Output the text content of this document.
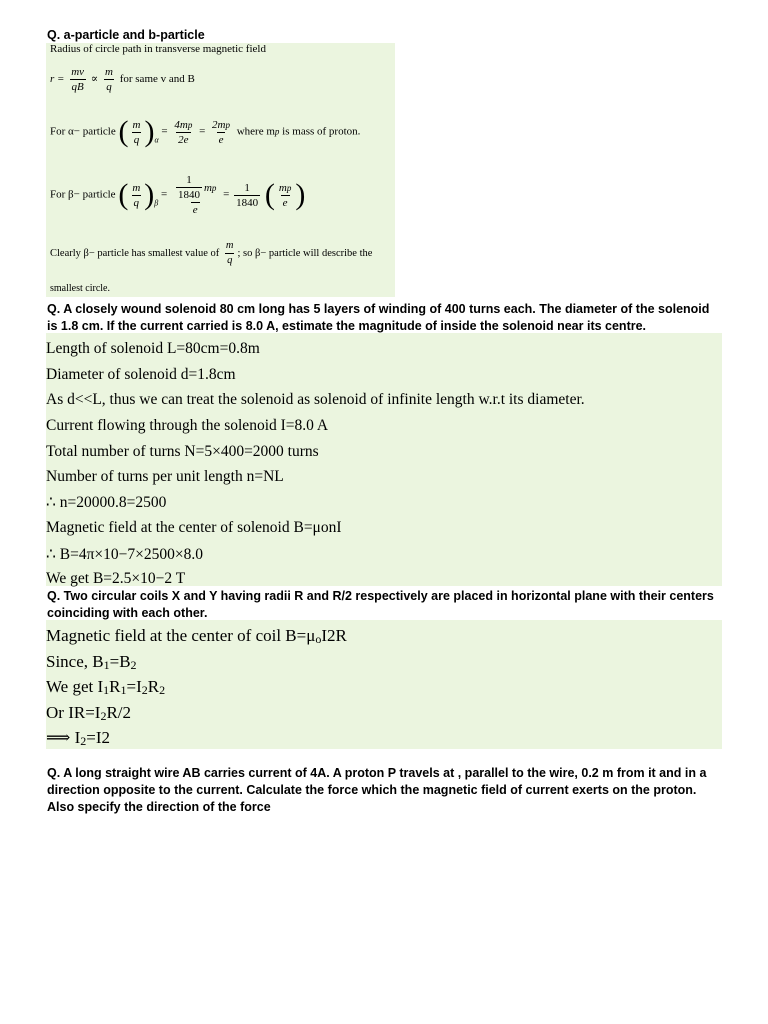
Q. a-particle and b-particle
Radius of circle path in transverse magnetic field
$r = \frac{mv}{qB} \propto \frac{m}{q}$ for same v and B
For α− particle ( $\frac{m}{q} )_\alpha = \frac{4mp}{2e} = \frac{2mp}{e}$ where mp is mass of proton.
For β− particle ( $\frac{m}{q} )_\beta = \frac{\frac{1}{1840} m p}{e} = \frac{1}{1840}$ ( $\frac{mp}{e}$ )
Clearly β− particle has smallest value of $\frac{m}{q}$ ; so β− particle will describe the
smallest circle.
Q. A closely wound solenoid 80 cm long has 5 layers of winding of 400 turns each. The diameter of the solenoid is 1.8 cm. If the current carried is 8.0 A, estimate the magnitude of inside the solenoid near its centre.
Length of solenoid L=80cm=0.8m
Diameter of solenoid d=1.8cm
As d<<L, thus we can treat the solenoid as solenoid of infinite length w.r.t its diameter.
Current flowing through the solenoid I=8.0 A
Total number of turns N=5×400=2000 turns
Number of turns per unit length n=NL
∴ n=20000.8=2500
Magnetic field at the center of solenoid B=μonI
∴ B=4π×10−7×2500×8.0
We get B=2.5×10−2 T
Q. Two circular coils X and Y having radii R and R/2 respectively are placed in horizontal plane with their centers coinciding with each other.
Magnetic field at the center of coil B=μoI2R
Since, B1=B2
We get I1R1=I2R2
Or IR=I2R/2
⟹ I2=I2
Q. A long straight wire AB carries current of 4A. A proton P travels at , parallel to the wire, 0.2 m from it and in a direction opposite to the current. Calculate the force which the magnetic field of current exerts on the proton. Also specify the direction of the force
